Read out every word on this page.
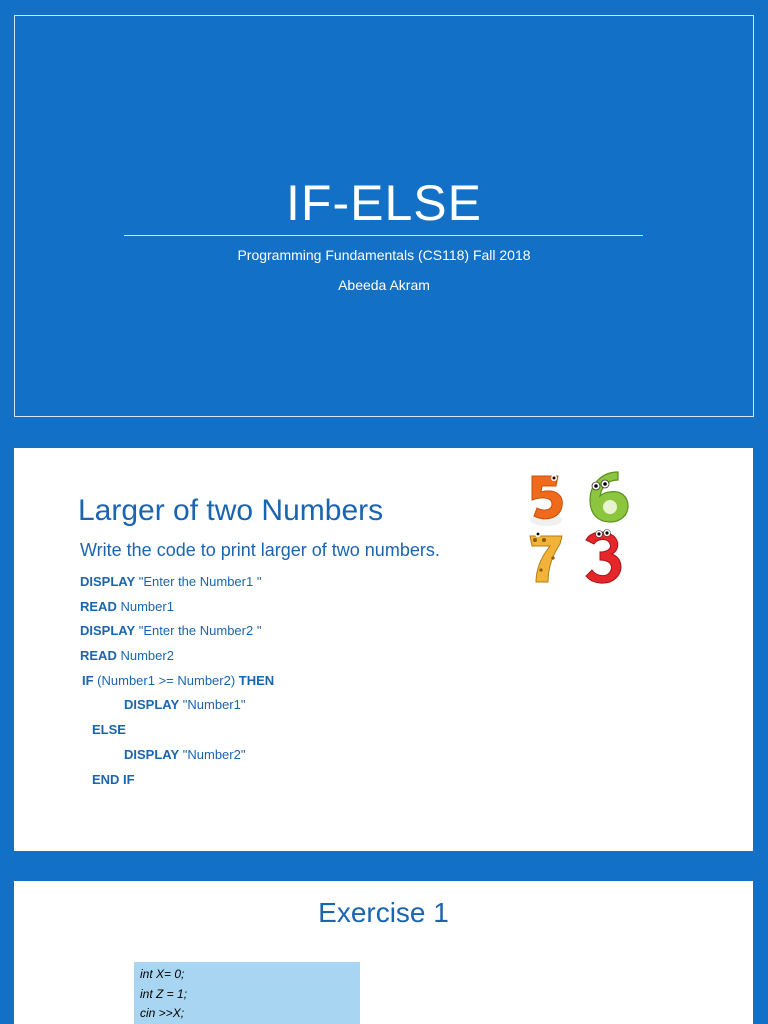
IF-ELSE
Programming Fundamentals (CS118) Fall 2018
Abeeda Akram
Larger of two Numbers
Write the code to print larger of two numbers.
DISPLAY "Enter the Number1 "
READ Number1
DISPLAY "Enter the Number2 "
READ Number2
IF (Number1 >= Number2) THEN
DISPLAY "Number1"
ELSE
DISPLAY "Number2"
END IF
Exercise 1
int X= 0;
int Z = 1;
cin >>X;
